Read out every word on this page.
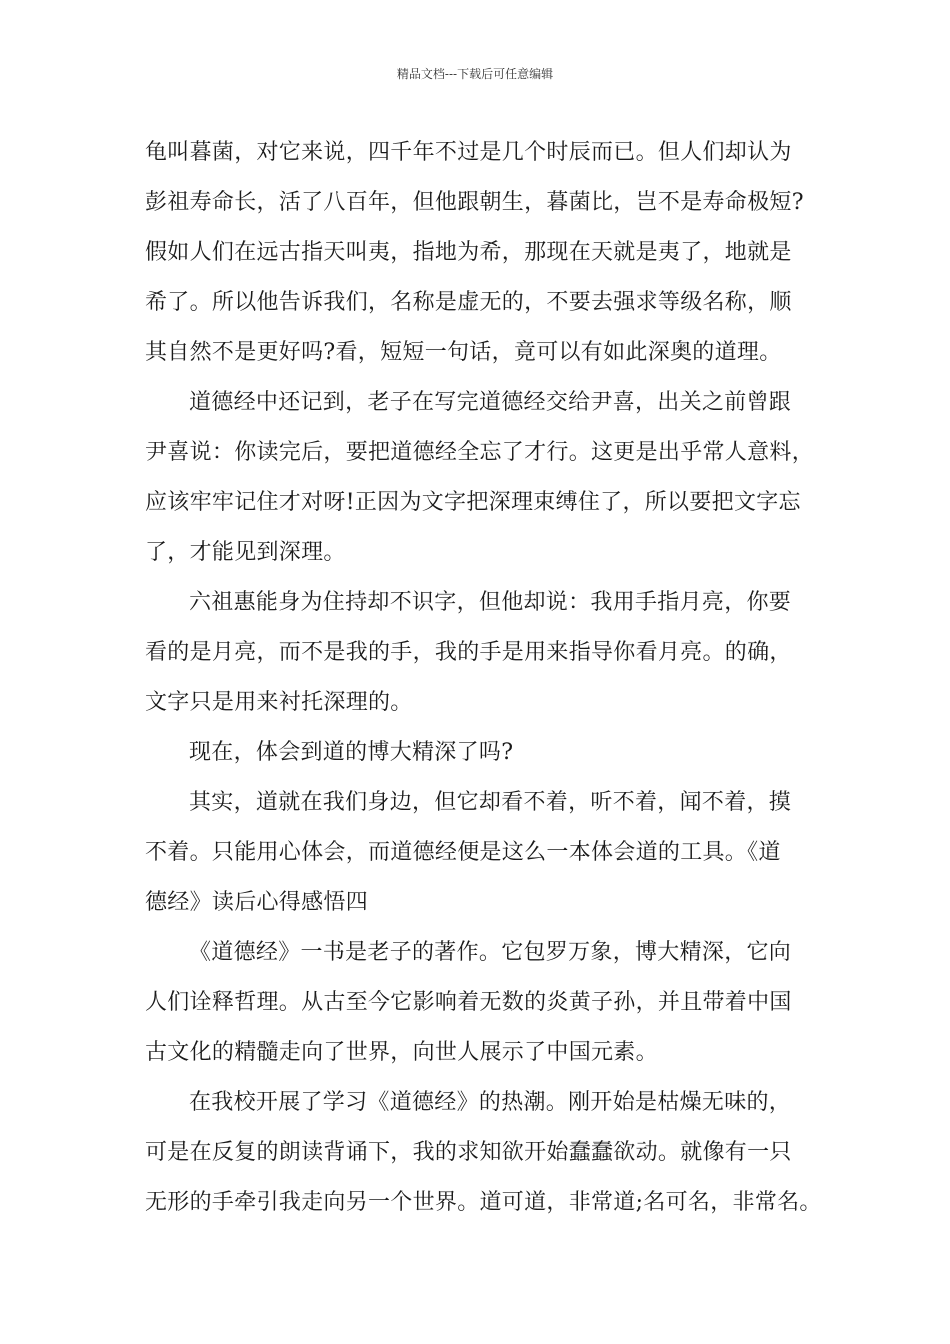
精品文档---下载后可任意编辑

龟叫暮菌，对它来说，四千年不过是几个时辰而已。但人们却认为
彭祖寿命长，活了八百年，但他跟朝生，暮菌比，岂不是寿命极短?
假如人们在远古指天叫夷，指地为希，那现在天就是夷了，地就是
希了。所以他告诉我们，名称是虚无的，不要去强求等级名称，顺
其自然不是更好吗?看，短短一句话，竟可以有如此深奥的道理。

道德经中还记到，老子在写完道德经交给尹喜，出关之前曾跟
尹喜说：你读完后，要把道德经全忘了才行。这更是出乎常人意料，
应该牢牢记住才对呀!正因为文字把深理束缚住了，所以要把文字忘
了，才能见到深理。

六祖惠能身为住持却不识字，但他却说：我用手指月亮，你要
看的是月亮，而不是我的手，我的手是用来指导你看月亮。的确，
文字只是用来衬托深理的。

现在，体会到道的博大精深了吗?

其实，道就在我们身边，但它却看不着，听不着，闻不着，摸
不着。只能用心体会，而道德经便是这么一本体会道的工具。《道
德经》读后心得感悟四

《道德经》一书是老子的著作。它包罗万象，博大精深，它向
人们诠释哲理。从古至今它影响着无数的炎黄子孙，并且带着中国
古文化的精髓走向了世界，向世人展示了中国元素。

在我校开展了学习《道德经》的热潮。刚开始是枯燥无味的，
可是在反复的朗读背诵下，我的求知欲开始蠢蠢欲动。就像有一只
无形的手牵引我走向另一个世界。道可道，非常道;名可名，非常名。
